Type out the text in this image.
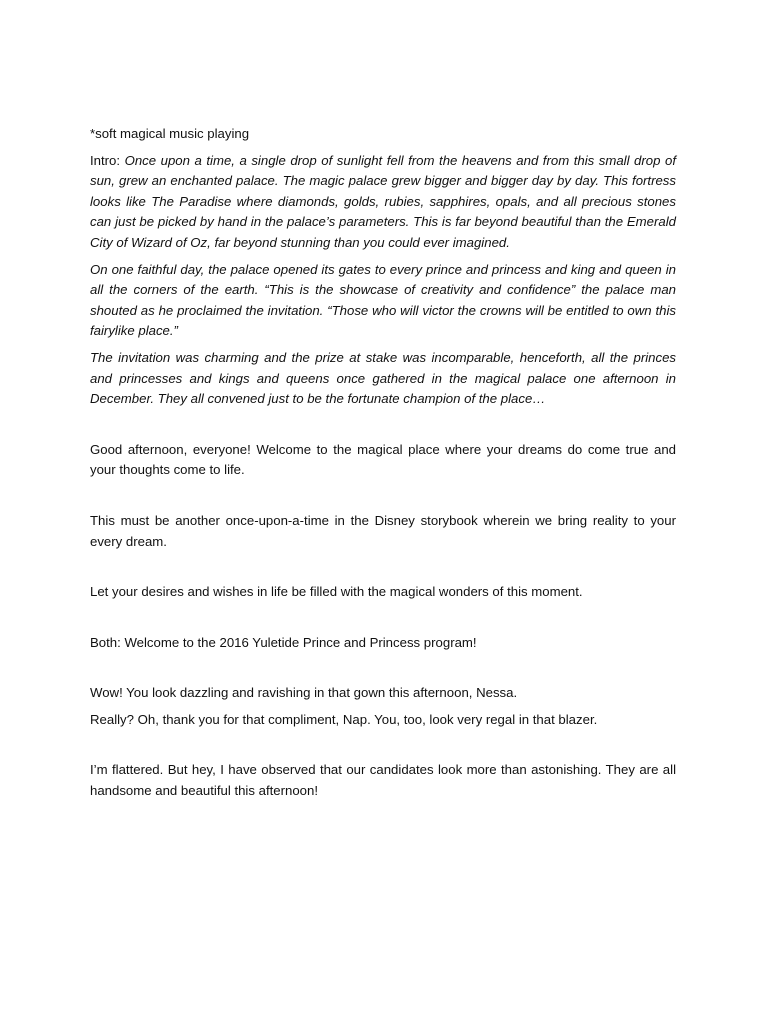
*soft magical music playing

Intro: Once upon a time, a single drop of sunlight fell from the heavens and from this small drop of sun, grew an enchanted palace. The magic palace grew bigger and bigger day by day. This fortress looks like The Paradise where diamonds, golds, rubies, sapphires, opals, and all precious stones can just be picked by hand in the palace’s parameters. This is far beyond beautiful than the Emerald City of Wizard of Oz, far beyond stunning than you could ever imagined.

On one faithful day, the palace opened its gates to every prince and princess and king and queen in all the corners of the earth. “This is the showcase of creativity and confidence” the palace man shouted as he proclaimed the invitation. “Those who will victor the crowns will be entitled to own this fairylike place.”

The invitation was charming and the prize at stake was incomparable, henceforth, all the princes and princesses and kings and queens once gathered in the magical palace one afternoon in December. They all convened just to be the fortunate champion of the place…

Good afternoon, everyone! Welcome to the magical place where your dreams do come true and your thoughts come to life.

This must be another once-upon-a-time in the Disney storybook wherein we bring reality to your every dream.

Let your desires and wishes in life be filled with the magical wonders of this moment.

Both: Welcome to the 2016 Yuletide Prince and Princess program!

Wow! You look dazzling and ravishing in that gown this afternoon, Nessa.

Really? Oh, thank you for that compliment, Nap. You, too, look very regal in that blazer.

I’m flattered. But hey, I have observed that our candidates look more than astonishing. They are all handsome and beautiful this afternoon!
